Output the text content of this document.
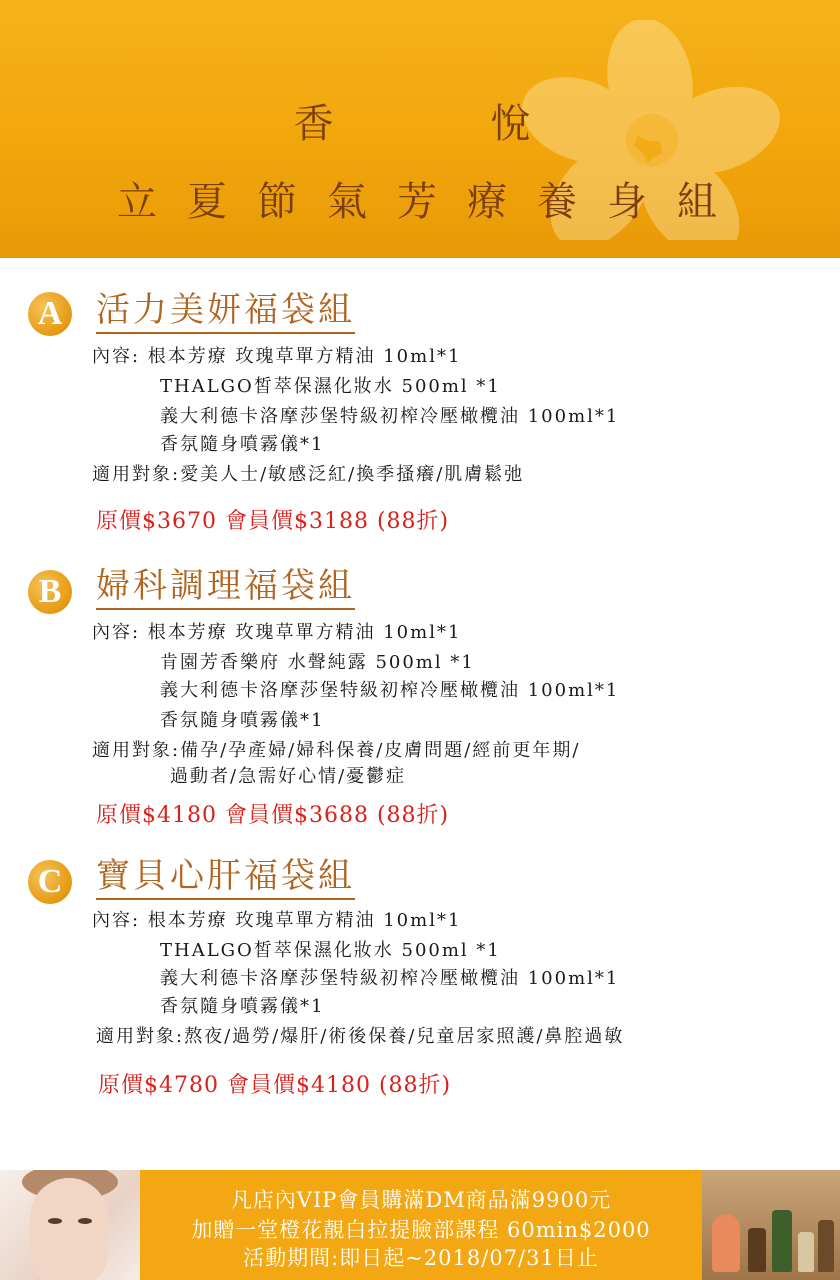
香 悅
立夏節氣芳療養身組
A 活力美妍福袋組
內容: 根本芳療 玫瑰草單方精油 10ml*1
THALGO皙萃保濕化妝水 500ml *1
義大利德卡洛摩莎堡特級初榨冷壓橄欖油 100ml*1
香氛隨身噴霧儀*1
適用對象:愛美人士/敏感泛紅/換季搔癢/肌膚鬆弛
原價$3670 會員價$3188 (88折)
B	婦科調理福袋組
內容: 根本芳療 玫瑰草單方精油 10ml*1
肯園芳香樂府 水聲純露 500ml *1
義大利德卡洛摩莎堡特級初榨冷壓橄欖油 100ml*1
香氛隨身噴霧儀*1
適用對象:備孕/孕產婦/婦科保養/皮膚問題/經前更年期/
過動者/急需好心情/憂鬱症
原價$4180 會員價$3688 (88折)
C 寶貝心肝福袋組
內容: 根本芳療 玫瑰草單方精油 10ml*1
THALGO皙萃保濕化妝水 500ml *1
義大利德卡洛摩莎堡特級初榨冷壓橄欖油 100ml*1
香氛隨身噴霧儀*1
適用對象:熬夜/過勞/爆肝/術後保養/兒童居家照護/鼻腔過敏
原價$4780 會員價$4180 (88折)
凡店內VIP會員購滿DM商品滿9900元
加贈一堂橙花靚白拉提臉部課程 60min$2000
活動期間:即日起~2018/07/31日止
